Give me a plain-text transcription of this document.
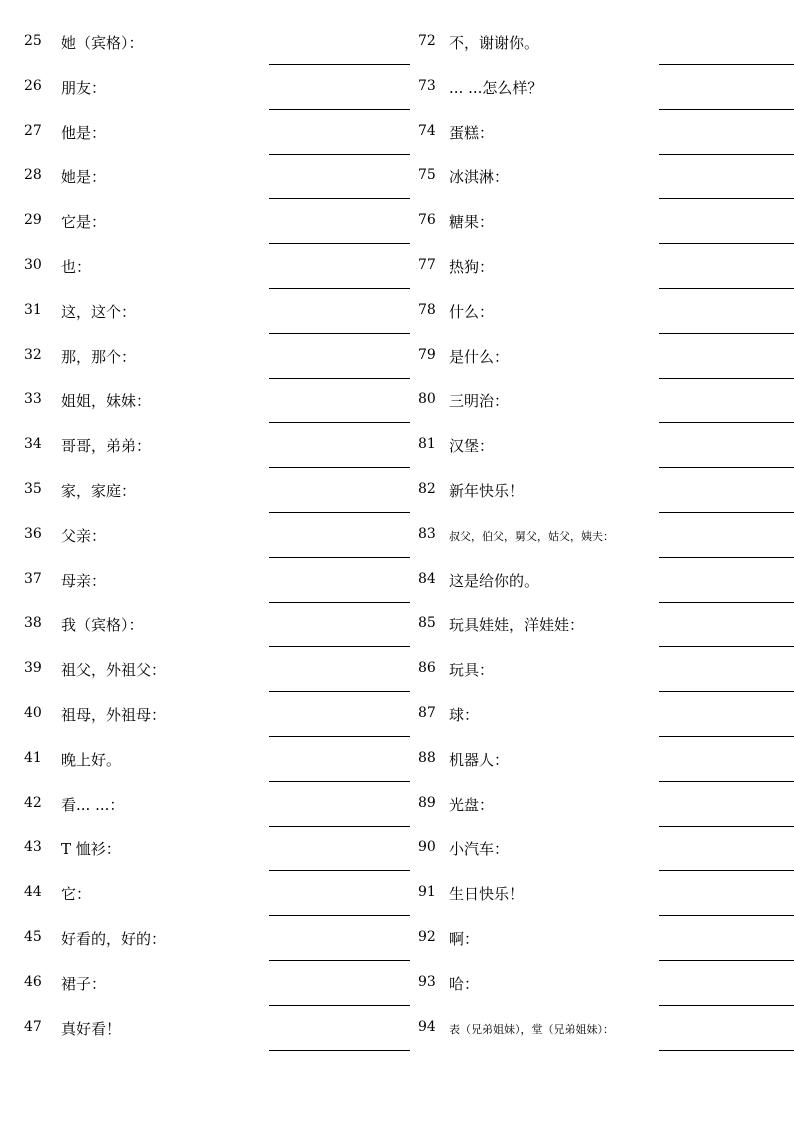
25 她（宾格）：
26 朋友：
27 他是：
28 她是：
29 它是：
30 也：
31 这，这个：
32 那，那个：
33 姐姐，妹妹：
34 哥哥，弟弟：
35 家，家庭：
36 父亲：
37 母亲：
38 我（宾格）：
39 祖父，外祖父：
40 祖母，外祖母：
41 晚上好。
42 看... ...：
43 T 恤衫：
44 它：
45 好看的，好的：
46 裙子：
47 真好看！
72 不，谢谢你。
73 ... ...怎么样？
74 蛋糕：
75 冰淇淋：
76 糖果：
77 热狗：
78 什么：
79 是什么：
80 三明治：
81 汉堡：
82 新年快乐！
83 叔父，伯父，舅父，姑父，姨夫：
84 这是给你的。
85 玩具娃娃，洋娃娃：
86 玩具：
87 球：
88 机器人：
89 光盘：
90 小汽车：
91 生日快乐！
92 啊：
93 哈：
94 表（兄弟姐妹），堂（兄弟姐妹）：
